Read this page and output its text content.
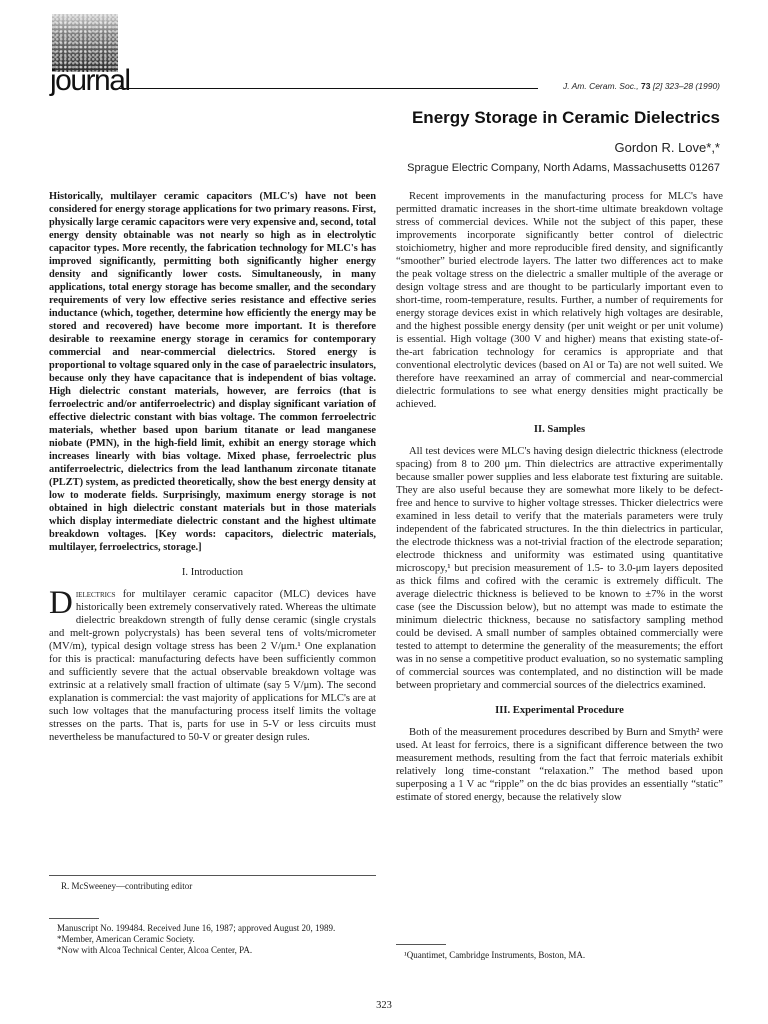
journal	J. Am. Ceram. Soc., 73 [2] 323–28 (1990)

Energy Storage in Ceramic Dielectrics

Gordon R. Love*,*

Sprague Electric Company, North Adams, Massachusetts 01267

Historically, multilayer ceramic capacitors (MLC's) have not been considered for energy storage applications for two primary reasons. First, physically large ceramic capacitors were very expensive and, second, total energy density obtainable was not nearly so high as in electrolytic capacitor types. More recently, the fabrication technology for MLC's has improved significantly, permitting both significantly higher energy density and significantly lower costs. Simultaneously, in many applications, total energy storage has become smaller, and the secondary requirements of very low effective series resistance and effective series inductance (which, together, determine how efficiently the energy may be stored and recovered) have become more important. It is therefore desirable to reexamine energy storage in ceramics for contemporary commercial and near-commercial dielectrics. Stored energy is proportional to voltage squared only in the case of paraelectric insulators, because only they have capacitance that is independent of bias voltage. High dielectric constant materials, however, are ferroics (that is ferroelectric and/or antiferroelectric) and display significant variation of effective dielectric constant with bias voltage. The common ferroelectric materials, whether based upon barium titanate or lead manganese niobate (PMN), in the high-field limit, exhibit an energy storage which increases linearly with bias voltage. Mixed phase, ferroelectric plus antiferroelectric, dielectrics from the lead lanthanum zirconate titanate (PLZT) system, as predicted theoretically, show the best energy density at low to moderate fields. Surprisingly, maximum energy storage is not obtained in high dielectric constant materials but in those materials which display intermediate dielectric constant and the highest ultimate breakdown voltages. [Key words: capacitors, dielectric materials, multilayer, ferroelectrics, storage.]

I. Introduction

Dielectrics for multilayer ceramic capacitor (MLC) devices have historically been extremely conservatively rated. Whereas the ultimate dielectric breakdown strength of fully dense ceramic (single crystals and melt-grown polycrystals) has been several tens of volts/micrometer (MV/m), typical design voltage stress has been 2 V/μm.¹ One explanation for this is practical: manufacturing defects have been sufficiently common and sufficiently severe that the actual observable breakdown voltage was extrinsic at a relatively small fraction of ultimate (say 5 V/μm). The second explanation is commercial: the vast majority of applications for MLC's are at such low voltages that the manufacturing process itself limits the voltage stresses on the parts. That is, parts for use in 5-V or less circuits must nevertheless be manufactured to 50-V or greater design rules.

R. McSweeney—contributing editor

Manuscript No. 199484. Received June 16, 1987; approved August 20, 1989.

*Member, American Ceramic Society.

*Now with Alcoa Technical Center, Alcoa Center, PA.

Recent improvements in the manufacturing process for MLC's have permitted dramatic increases in the short-time ultimate breakdown voltage stress of commercial devices. While not the subject of this paper, these improvements incorporate significantly better control of dielectric stoichiometry, higher and more reproducible fired density, and significantly “smoother” buried electrode layers. The latter two differences act to make the peak voltage stress on the dielectric a smaller multiple of the average or design voltage stress and are thought to be particularly important even to short-time, room-temperature, results. Further, a number of requirements for energy storage devices exist in which relatively high voltages are desirable, and the highest possible energy density (per unit weight or per unit volume) is essential. High voltage (300 V and higher) means that existing state-of-the-art fabrication technology for ceramics is appropriate and that conventional electrolytic devices (based on Al or Ta) are not well suited. We therefore have reexamined an array of commercial and near-commercial dielectric formulations to see what energy densities might practically be achieved.

II. Samples

All test devices were MLC's having design dielectric thickness (electrode spacing) from 8 to 200 μm. Thin dielectrics are attractive experimentally because smaller power supplies and less elaborate test fixturing are suitable. They are also useful because they are somewhat more likely to be defect-free and hence to survive to higher voltage stresses. Thicker dielectrics were examined in less detail to verify that the materials parameters were truly independent of the fabricated structures. In the thin dielectrics in particular, the electrode thickness was a not-trivial fraction of the electrode separation; electrode thickness and uniformity was estimated using quantitative microscopy,¹ but precision measurement of 1.5- to 3.0-μm layers deposited as thick films and cofired with the ceramic is extremely difficult. The average dielectric thickness is believed to be known to ±7% in the worst case (see the Discussion below), but no attempt was made to estimate the minimum dielectric thickness, because no satisfactory sampling method could be devised. A small number of samples obtained commercially were tested to attempt to determine the generality of the measurements; the effort was in no sense a competitive product evaluation, so no systematic sampling of commercial sources was contemplated, and no distinction will be made between proprietary and commercial sources of the dielectrics examined.

III. Experimental Procedure

Both of the measurement procedures described by Burn and Smyth² were used. At least for ferroics, there is a significant difference between the two measurement methods, resulting from the fact that ferroic materials exhibit relatively long time-constant “relaxation.” The method based upon superposing a 1 V ac “ripple” on the dc bias provides an essentially “static” estimate of stored energy, because the relatively slow

¹Quantimet, Cambridge Instruments, Boston, MA.

323
